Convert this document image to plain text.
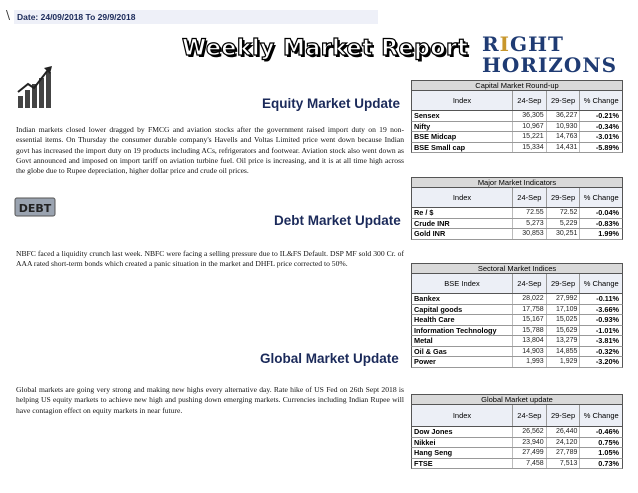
\ Date: 24/09/2018 To 29/9/2018
Weekly Market Report RIGHT
HORIZONS
Equity Market Update
Indian markets closed lower dragged by FMCG and aviation stocks after the government raised import duty on 19 non-essential items. On Thursday the consumer durable company's Havells and Voltas Limited price went down because Indian govt has increased the import duty on 19 products including ACs, refrigerators and footwear. Aviation stock also went down as Govt announced and imposed on import tariff on aviation turbine fuel. Oil price is increasing, and it is at all time high across the globe due to Rupee depreciation, higher dollar price and crude oil prices.
DEBT
Debt Market Update
NBFC faced a liquidity crunch last week. NBFC were facing a selling pressure due to IL&FS Default. DSP MF sold 300 Cr. of AAA rated short-term bonds which created a panic situation in the market and DHFL price corrected to 50%.
Global Market Update
Global markets are going very strong and making new highs every alternative day. Rate hike of US Fed on 26th Sept 2018 is helping US equity markets to achieve new high and pushing down emerging markets. Currencies including Indian Rupee will have contagion effect on equity markets in near future.
Capital Market Round-up
Index	24-Sep	29-Sep	% Change
Sensex	36,305	36,227	-0.21%
Nifty	10,967	10,930	-0.34%
BSE Midcap	15,221	14,763	-3.01%
BSE Small cap	15,334	14,431	-5.89%
Major Market Indicators
Index	24-Sep	29-Sep	% Change
Re / $	72.55	72.52	-0.04%
Crude INR	5,273	5,229	-0.83%
Gold INR	30,853	30,251	1.99%
Sectoral Market Indices
BSE Index	24-Sep	29-Sep	% Change
Bankex	28,022	27,992	-0.11%
Capital goods	17,758	17,109	-3.66%
Health Care	15,167	15,025	-0.93%
Information Technology	15,788	15,629	-1.01%
Metal	13,804	13,279	-3.81%
Oil & Gas	14,903	14,855	-0.32%
Power	1,993	1,929	-3.20%
Global Market update
Index	24-Sep	29-Sep	% Change
Dow Jones	26,562	26,440	-0.46%
Nikkei	23,940	24,120	0.75%
Hang Seng	27,499	27,789	1.05%
FTSE	7,458	7,513	0.73%
